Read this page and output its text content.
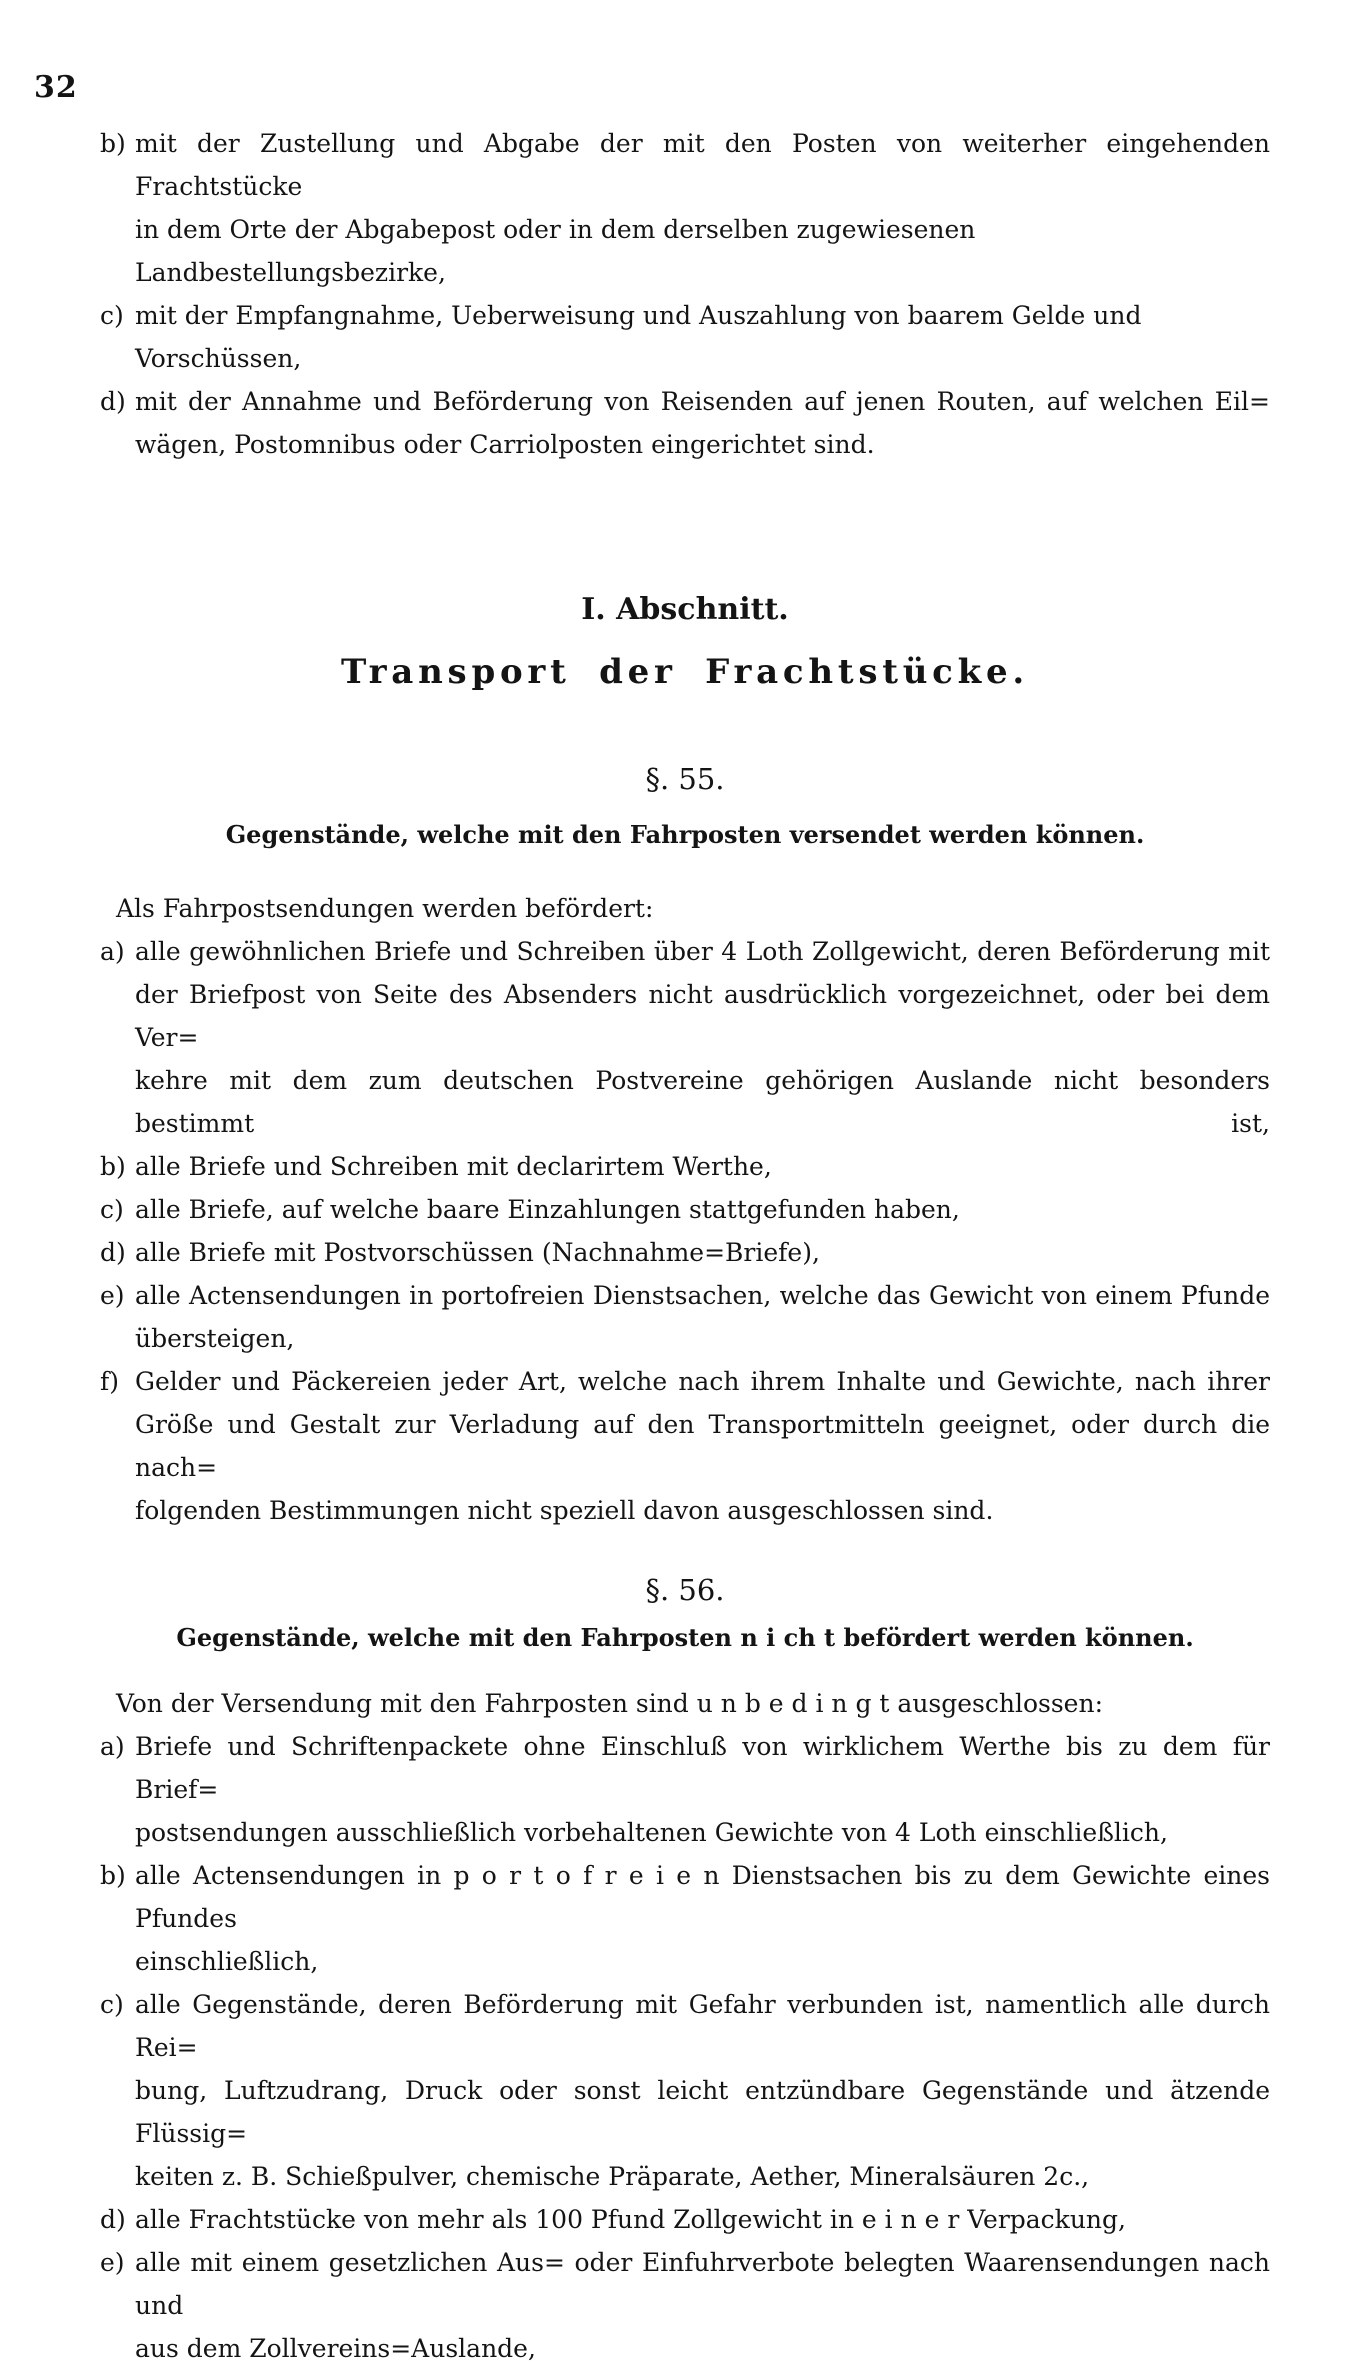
32
b) mit der Zustellung und Abgabe der mit den Posten von weiterher eingehenden Frachtstücke
in dem Orte der Abgabepost oder in dem derselben zugewiesenen Landbestellungsbezirke,
c) mit der Empfangnahme, Ueberweisung und Auszahlung von baarem Gelde und Vorschüssen,
d) mit der Annahme und Beförderung von Reisenden auf jenen Routen, auf welchen Eil=
wägen, Postomnibus oder Carriolposten eingerichtet sind.
I. Abschnitt.
Transport der Frachtstücke.
§. 55.
Gegenstände, welche mit den Fahrposten versendet werden können.

Als Fahrpostsendungen werden befördert:

a) alle gewöhnlichen Briefe und Schreiben über 4 Loth Zollgewicht, deren Beförderung mit
der Briefpost von Seite des Absenders nicht ausdrücklich vorgezeichnet, oder bei dem Ver=
kehre mit dem zum deutschen Postvereine gehörigen Auslande nicht besonders bestimmt ist,
b) alle Briefe und Schreiben mit declarirtem Werthe,
c) alle Briefe, auf welche baare Einzahlungen stattgefunden haben,
d) alle Briefe mit Postvorschüssen (Nachnahme=Briefe),
e) alle Actensendungen in portofreien Dienstsachen, welche das Gewicht von einem Pfunde
übersteigen,
f) Gelder und Päckereien jeder Art, welche nach ihrem Inhalte und Gewichte, nach ihrer
Größe und Gestalt zur Verladung auf den Transportmitteln geeignet, oder durch die nach=
folgenden Bestimmungen nicht speziell davon ausgeschlossen sind.
§. 56.
Gegenstände, welche mit den Fahrposten n i ch t befördert werden können.

Von der Versendung mit den Fahrposten sind u n b e d i n g t ausgeschlossen:

a) Briefe und Schriftenpackete ohne Einschluß von wirklichem Werthe bis zu dem für Brief=
postsendungen ausschließlich vorbehaltenen Gewichte von 4 Loth einschließlich,
b) alle Actensendungen in p o r t o f r e i e n Dienstsachen bis zu dem Gewichte eines Pfundes
einschließlich,
c) alle Gegenstände, deren Beförderung mit Gefahr verbunden ist, namentlich alle durch Rei=
bung, Luftzudrang, Druck oder sonst leicht entzündbare Gegenstände und ätzende Flüssig=
keiten z. B. Schießpulver, chemische Präparate, Aether, Mineralsäuren 2c.,
d) alle Frachtstücke von mehr als 100 Pfund Zollgewicht in e i n e r Verpackung,
e) alle mit einem gesetzlichen Aus= oder Einfuhrverbote belegten Waarensendungen nach und
aus dem Zollvereins=Auslande,
